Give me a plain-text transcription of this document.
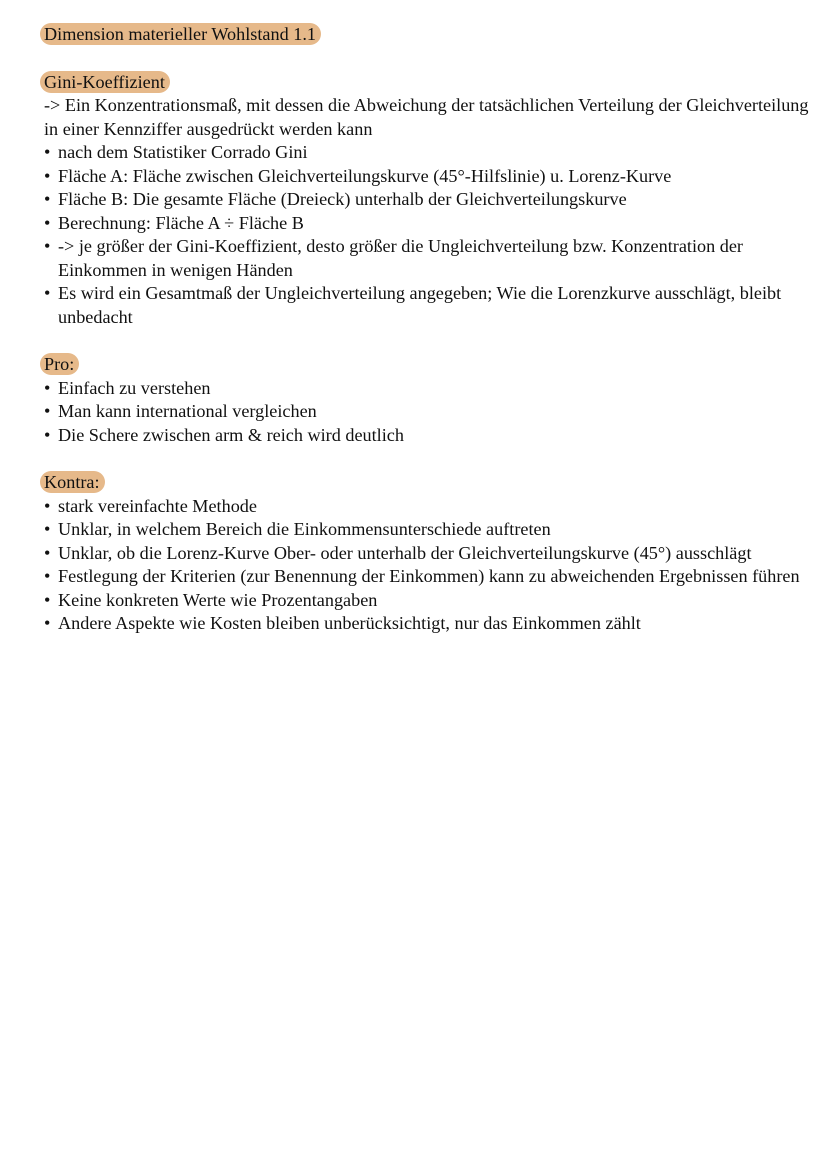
Dimension materieller Wohlstand 1.1
Gini-Koeffizient

-> Ein Konzentrationsmaß, mit dessen die Abweichung der tatsächlichen Verteilung der Gleichverteilung in einer Kennziffer ausgedrückt werden kann

• nach dem Statistiker Corrado Gini
• Fläche A: Fläche zwischen Gleichverteilungskurve (45°-Hilfslinie) u. Lorenz-Kurve
• Fläche B: Die gesamte Fläche (Dreieck) unterhalb der Gleichverteilungskurve
• Berechnung: Fläche A ÷ Fläche B
• -> je größer der Gini-Koeffizient, desto größer die Ungleichverteilung bzw. Konzentration der Einkommen in wenigen Händen
• Es wird ein Gesamtmaß der Ungleichverteilung angegeben; Wie die Lorenzkurve ausschlägt, bleibt unbedacht
Pro:
• Einfach zu verstehen
• Man kann international vergleichen
• Die Schere zwischen arm & reich wird deutlich
Kontra:
• stark vereinfachte Methode
• Unklar, in welchem Bereich die Einkommensunterschiede auftreten
• Unklar, ob die Lorenz-Kurve Ober- oder unterhalb der Gleichverteilungskurve (45°) ausschlägt
• Festlegung der Kriterien (zur Benennung der Einkommen) kann zu abweichenden Ergebnissen führen
• Keine konkreten Werte wie Prozentangaben
• Andere Aspekte wie Kosten bleiben unberücksichtigt, nur das Einkommen zählt
